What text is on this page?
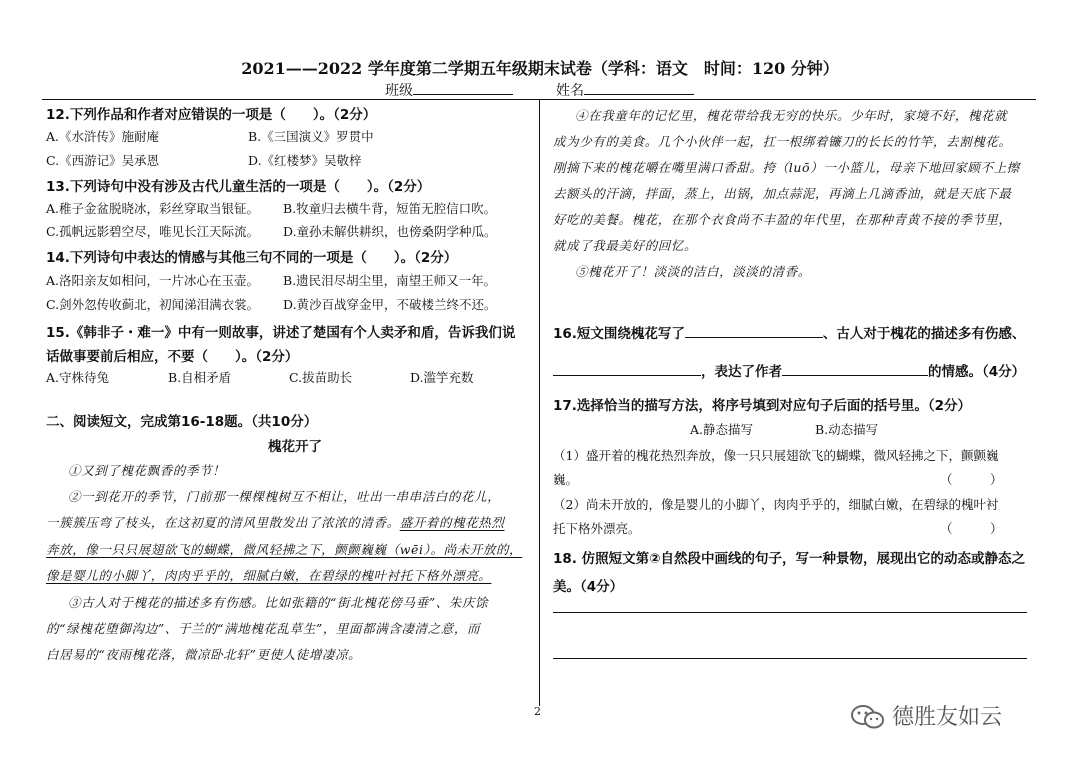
2021——2022 学年度第二学期五年级期末试卷（学科：语文　时间：120 分钟）
班级	姓名
12.下列作品和作者对应错误的一项是（　　）。（2分）
A.《水浒传》施耐庵	B.《三国演义》罗贯中
C.《西游记》吴承恩	D.《红楼梦》吴敬梓
13.下列诗句中没有涉及古代儿童生活的一项是（　　）。（2分）
A.稚子金盆脱晓冰，彩丝穿取当银钲。 B.牧童归去横牛背，短笛无腔信口吹。
C.孤帆远影碧空尽，唯见长江天际流。 D.童孙未解供耕织，也傍桑阴学种瓜。
14.下列诗句中表达的情感与其他三句不同的一项是（　　）。（2分）
A.洛阳亲友如相问，一片冰心在玉壶。 B.遗民泪尽胡尘里，南望王师又一年。
C.剑外忽传收蓟北，初闻涕泪满衣裳。 D.黄沙百战穿金甲，不破楼兰终不还。
15.《韩非子・难一》中有一则故事，讲述了楚国有个人卖矛和盾，告诉我们说
话做事要前后相应，不要（　　）。（2分）
A.守株待兔	B.自相矛盾	C.拔苗助长	D.滥竽充数
二、阅读短文，完成第16-18题。（共10分）
槐花开了
①又到了槐花飘香的季节！
②一到花开的季节，门前那一棵棵槐树互不相让，吐出一串串洁白的花儿，
一簇簇压弯了枝头，在这初夏的清风里散发出了浓浓的清香。盛开着的槐花热烈
奔放，像一只只展翅欲飞的蝴蝶，微风轻拂之下，颤颤巍巍（wēi）。尚未开放的，
像是婴儿的小脚丫，肉肉乎乎的，细腻白嫩，在碧绿的槐叶衬托下格外漂亮。
③古人对于槐花的描述多有伤感。比如张籍的“街北槐花傍马垂”、朱庆馀
的“绿槐花堕御沟边”、于兰的“满地槐花乱草生”，里面都满含凄清之意，而
白居易的“夜雨槐花落，微凉卧北轩”更使人徒增凄凉。
④在我童年的记忆里，槐花带给我无穷的快乐。少年时，家境不好，槐花就
成为少有的美食。几个小伙伴一起，扛一根绑着镰刀的长长的竹竿，去割槐花。
刚摘下来的槐花嚼在嘴里满口香甜。挎（luō）一小篮儿，母亲下地回家顾不上擦
去额头的汗滴，拌面，蒸上，出锅，加点蒜泥，再滴上几滴香油，就是天底下最
好吃的美餐。槐花，在那个衣食尚不丰盈的年代里，在那种青黄不接的季节里，
就成了我最美好的回忆。
⑤槐花开了！淡淡的洁白，淡淡的清香。
16.短文围绕槐花写了	、古人对于槐花的描述多有伤感、
，表达了作者	的情感。（4分）
17.选择恰当的描写方法，将序号填到对应句子后面的括号里。（2分）
A.静态描写	B.动态描写
（1）盛开着的槐花热烈奔放，像一只只展翅欲飞的蝴蝶，微风轻拂之下，颤颤巍
巍。	（　　　）
（2）尚未开放的，像是婴儿的小脚丫，肉肉乎乎的，细腻白嫩，在碧绿的槐叶衬
托下格外漂亮。	（　　　）
18. 仿照短文第②自然段中画线的句子，写一种景物，展现出它的动态或静态之
美。（4分）
2	德胜友如云
